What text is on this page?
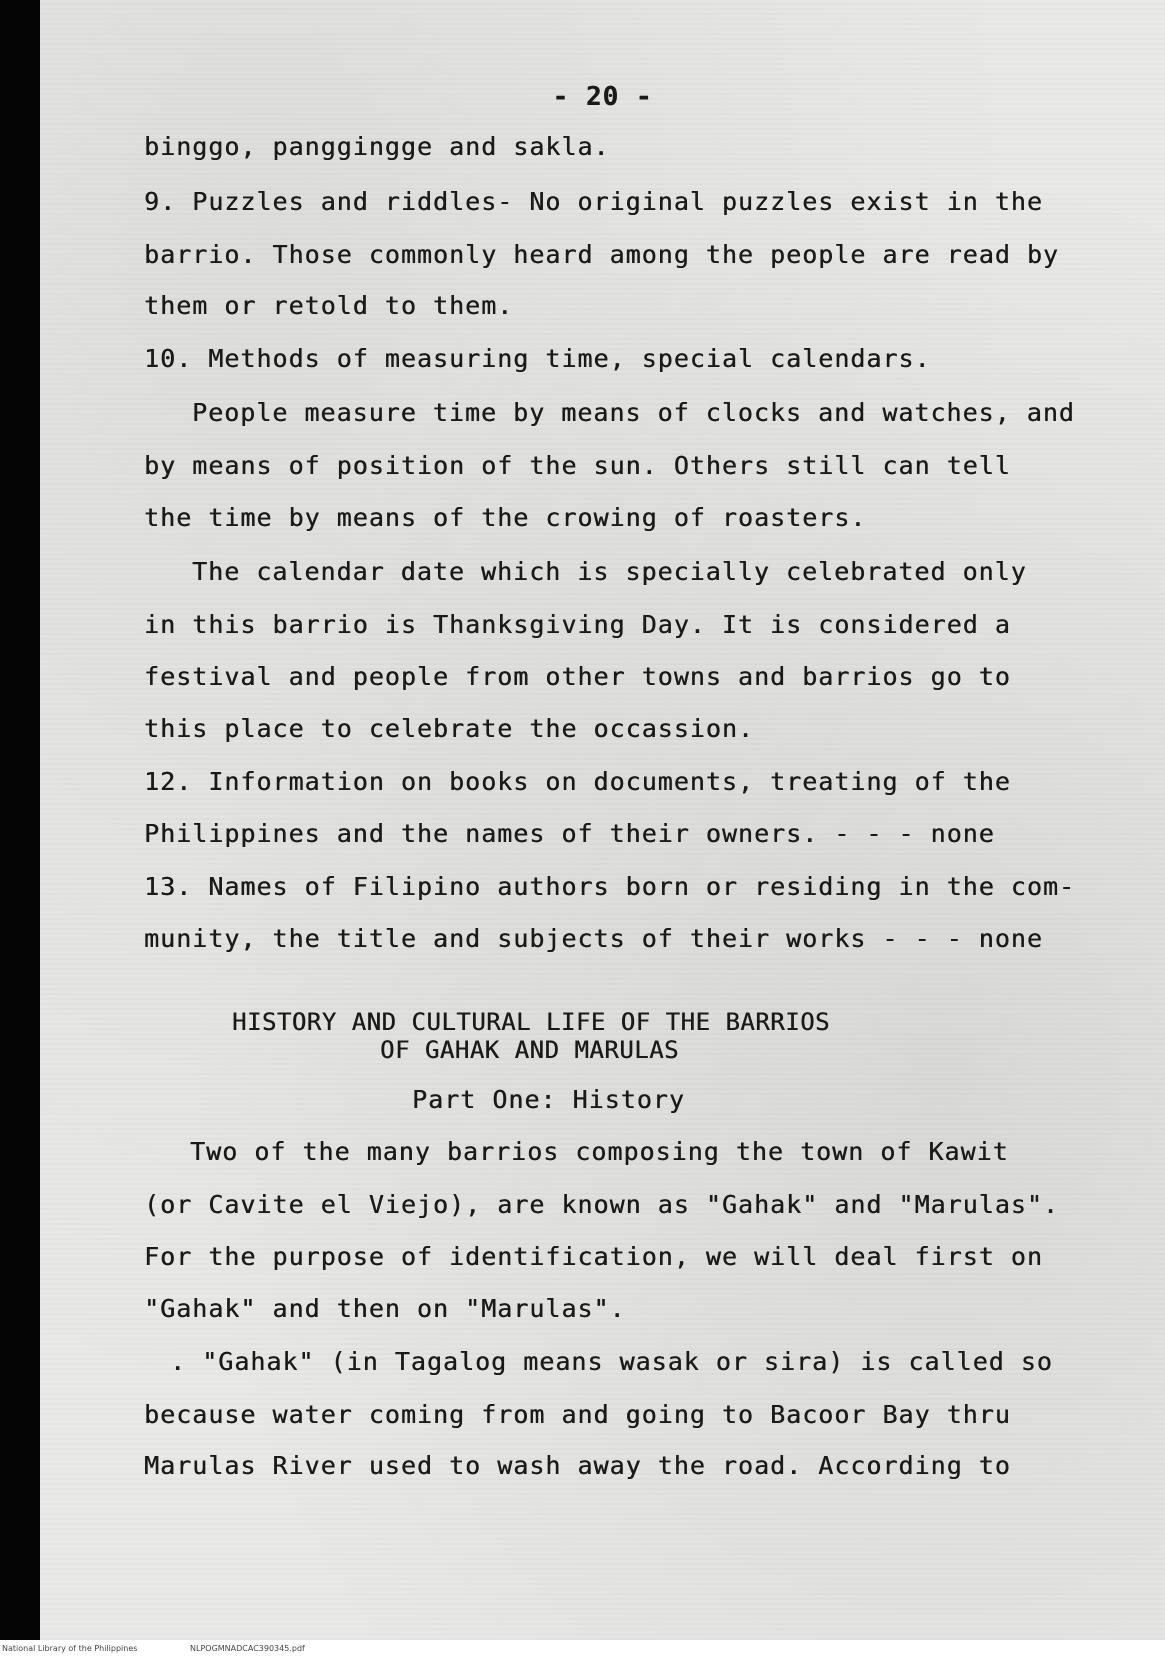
- 20 -

binggo, panggingge and sakla.

9. Puzzles and riddles- No original puzzles exist in the

barrio. Those commonly heard among the people are read by

them or retold to them.

10. Methods of measuring time, special calendars.

People measure time by means of clocks and watches, and

by means of position of the sun. Others still can tell

the time by means of the crowing of roasters.

The calendar date which is specially celebrated only

in this barrio is Thanksgiving Day. It is considered a

festival and people from other towns and barrios go to

this place to celebrate the occassion.

12. Information on books on documents, treating of the

Philippines and the names of their owners. - - - none

13. Names of Filipino authors born or residing in the com-

munity, the title and subjects of their works - - - none

HISTORY AND CULTURAL LIFE OF THE BARRIOS

OF GAHAK AND MARULAS

Part One: History

Two of the many barrios composing the town of Kawit

(or Cavite el Viejo), are known as "Gahak" and "Marulas".

For the purpose of identification, we will deal first on

"Gahak" and then on "Marulas".

. "Gahak" (in Tagalog means wasak or sira) is called so

because water coming from and going to Bacoor Bay thru

Marulas River used to wash away the road. According to

National Library of the Philippines	NLPOGMNADCAC390345.pdf
